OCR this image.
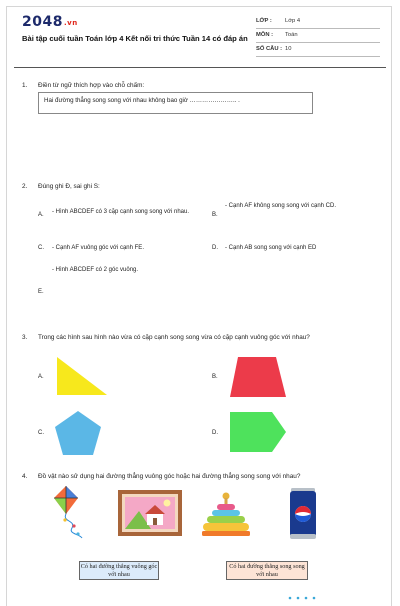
2048.vn
Bài tập cuối tuần Toán lớp 4 Kết nối tri thức Tuần 14 có đáp án
LỚP : Lớp 4
MÔN : Toán
SỐ CÂU : 10
1. Điền từ ngữ thích hợp vào chỗ chấm:
Hai đường thẳng song song với nhau không bao giờ ………………….. .
2. Đúng ghi Đ, sai ghi S:
A. - Hình ABCDEF có 3 cặp cạnh song song với nhau.	B.
- Cạnh AF không song song với cạnh CD.
C. - Cạnh AF vuông góc với cạnh FE.	D. - Cạnh AB song song với cạnh ED
- Hình ABCDEF có 2 góc vuông.
E.
3. Trong các hình sau hình nào vừa có cặp cạnh song song vừa có cặp cạnh vuông góc với nhau?
A.	B.
C.	D.
4. Đồ vật nào sử dụng hai đường thẳng vuông góc hoặc hai đường thẳng song song với nhau?
Có hai đường thẳng vuông góc với nhau
Có hai đường thẳng song song với nhau
